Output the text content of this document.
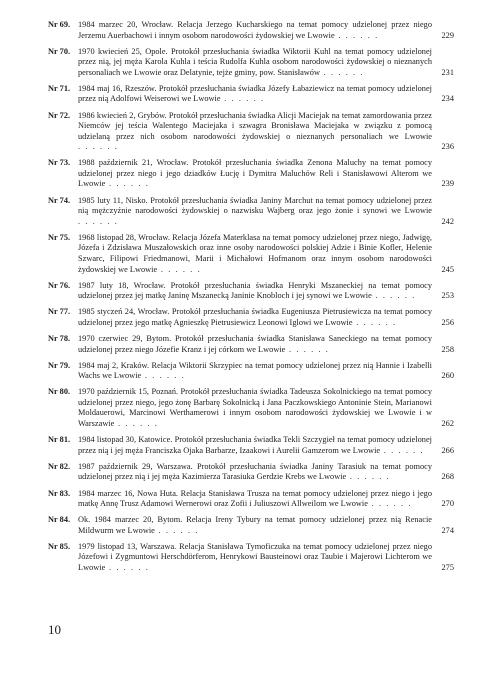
Nr 69. 1984 marzec 20, Wrocław. Relacja Jerzego Kucharskiego na temat pomocy udzielonej przez niego Jerzemu Auerbachowi i innym osobom narodowości żydowskiej we Lwowie . . . . . .	229
Nr 70. 1970 kwiecień 25, Opole. Protokół przesłuchania świadka Wiktorii Kuhl na temat pomocy udzielonej przez nią, jej męża Karola Kuhla i teścia Rudolfa Kuhla osobom narodowości żydowskiej o nieznanych personaliach we Lwowie oraz Delatynie, tejże gminy, pow. Stanisławów . . . . . .	231
Nr 71. 1984 maj 16, Rzeszów. Protokół przesłuchania świadka Józefy Łabaziewicz na temat pomocy udzielonej przez nią Adolfowi Weiserowi we Lwowie . . . . . .	234
Nr 72. 1986 kwiecień 2, Grybów. Protokół przesłuchania świadka Alicji Maciejak na temat zamordowania przez Niemców jej teścia Walentego Maciejaka i szwagra Bronisława Maciejaka w związku z pomocą udzielaną przez nich osobom narodowości żydowskiej o nieznanych personaliach we Lwowie . . . . . .	236
Nr 73. 1988 październik 21, Wrocław. Protokół przesłuchania świadka Zenona Maluchy na temat pomocy udzielonej przez niego i jego dziadków Łucję i Dymitra Maluchów Reli i Stanisławowi Alterom we Lwowie . . . . . .	239
Nr 74. 1985 luty 11, Nisko. Protokół przesłuchania świadka Janiny Marchut na temat pomocy udzielonej przez nią mężczyźnie narodowości żydowskiej o nazwisku Wajberg oraz jego żonie i synowi we Lwowie . . . . . .	242
Nr 75. 1968 listopad 28, Wrocław. Relacja Józefa Materklasa na temat pomocy udzielonej przez niego, Jadwigę, Józefa i Zdzisława Muszałowskich oraz inne osoby narodowości polskiej Adzie i Binie Kofler, Helenie Szwarc, Filipowi Friedmanowi, Marii i Michałowi Hofmanom oraz innym osobom narodowości żydowskiej we Lwowie . . . . . .	245
Nr 76. 1987 luty 18, Wrocław. Protokół przesłuchania świadka Henryki Mszaneckiej na temat pomocy udzielonej przez jej matkę Janinę Mszanecką Janinie Knobloch i jej synowi we Lwowie . . . . . .	253
Nr 77. 1985 styczeń 24, Wrocław. Protokół przesłuchania świadka Eugeniusza Pietrusiewicza na temat pomocy udzielonej przez jego matkę Agnieszkę Pietrusiewicz Leonowi Iglowi we Lwowie . . . . . .	256
Nr 78. 1970 czerwiec 29, Bytom. Protokół przesłuchania świadka Stanisława Saneckiego na temat pomocy udzielonej przez niego Józefie Kranz i jej córkom we Lwowie . . . . . .	258
Nr 79. 1984 maj 2, Kraków. Relacja Wiktorii Skrzypiec na temat pomocy udzielonej przez nią Hannie i Izabelli Wachs we Lwowie . . . . . .	260
Nr 80. 1970 październik 15, Poznań. Protokół przesłuchania świadka Tadeusza Sokolnickiego na temat pomocy udzielonej przez niego, jego żonę Barbarę Sokolnicką i Jana Paczkowskiego Antoninie Stein, Marianowi Moldauerowi, Marcinowi Werthamerowi i innym osobom narodowości żydowskiej we Lwowie i w Warszawie . . . . . .	262
Nr 81. 1984 listopad 30, Katowice. Protokół przesłuchania świadka Tekli Szczygieł na temat pomocy udzielonej przez nią i jej męża Franciszka Ojaka Barbarze, Izaakowi i Aurelii Gamzerom we Lwowie . . . . . .	266
Nr 82. 1987 październik 29, Warszawa. Protokół przesłuchania świadka Janiny Tarasiuk na temat pomocy udzielonej przez nią i jej męża Kazimierza Tarasiuka Gerdzie Krebs we Lwowie . . . . . .	268
Nr 83. 1984 marzec 16, Nowa Huta. Relacja Stanisława Trusza na temat pomocy udzielonej przez niego i jego matkę Annę Trusz Adamowi Wernerowi oraz Zofii i Juliuszowi Allweilom we Lwowie . . . . . .	270
Nr 84. Ok. 1984 marzec 20, Bytom. Relacja Ireny Tybury na temat pomocy udzielonej przez nią Renacie Mildwurm we Lwowie . . . . . .	274
Nr 85. 1979 listopad 13, Warszawa. Relacja Stanisława Tymoficzuka na temat pomocy udzielonej przez niego Józefowi i Zygmuntowi Herschdörferom, Henrykowi Bausteinowi oraz Taubie i Majerowi Lichterom we Lwowie . . . . . .	275
10
